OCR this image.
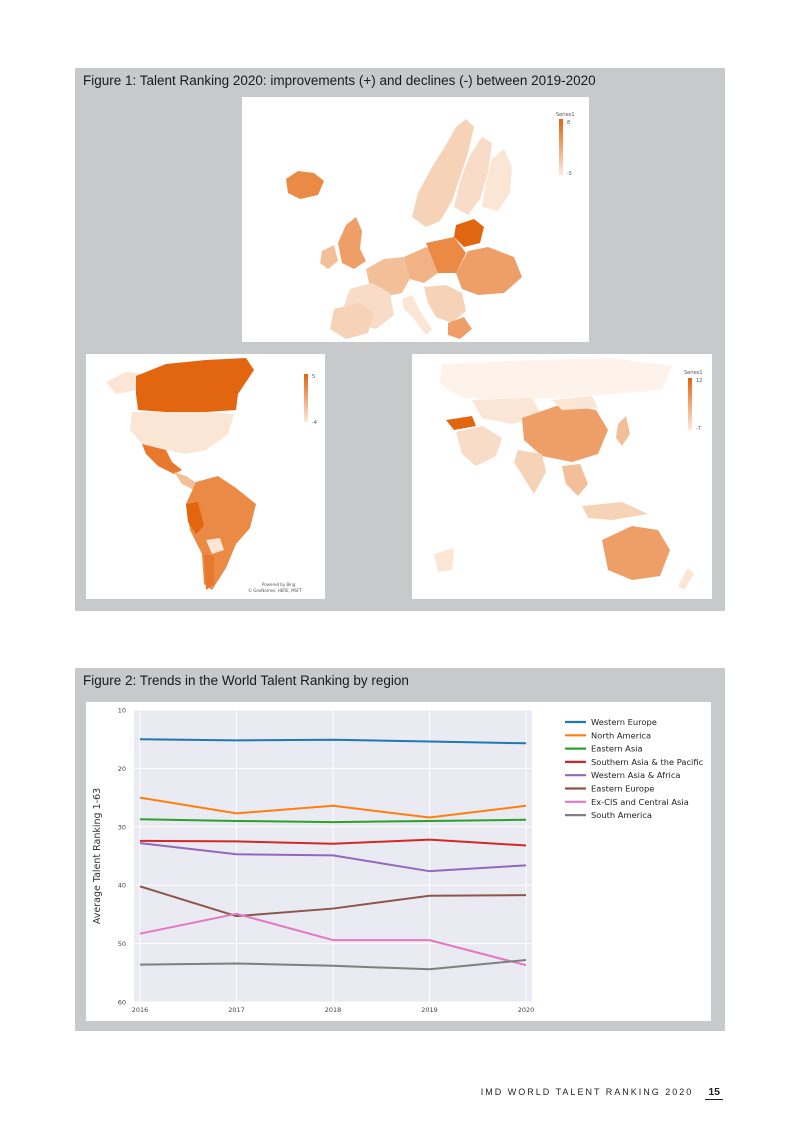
Figure 1: Talent Ranking 2020: improvements (+) and declines (-) between 2019-2020
Series1
8
-5
5
-4
Powered by Bing
© GeoNames, HERE, MSFT
Series1
12
-7
Figure 2: Trends in the World Talent Ranking by region
10
20
30
40
50
60
2016	2017	2018	2019	2020
Western Europe
North America
Eastern Asia
Southern Asia & the Pacific
Western Asia & Africa
Eastern Europe
Ex-CIS and Central Asia
South America
Average Talent Ranking 1-63
IMD WORLD TALENT RANKING 2020 15
